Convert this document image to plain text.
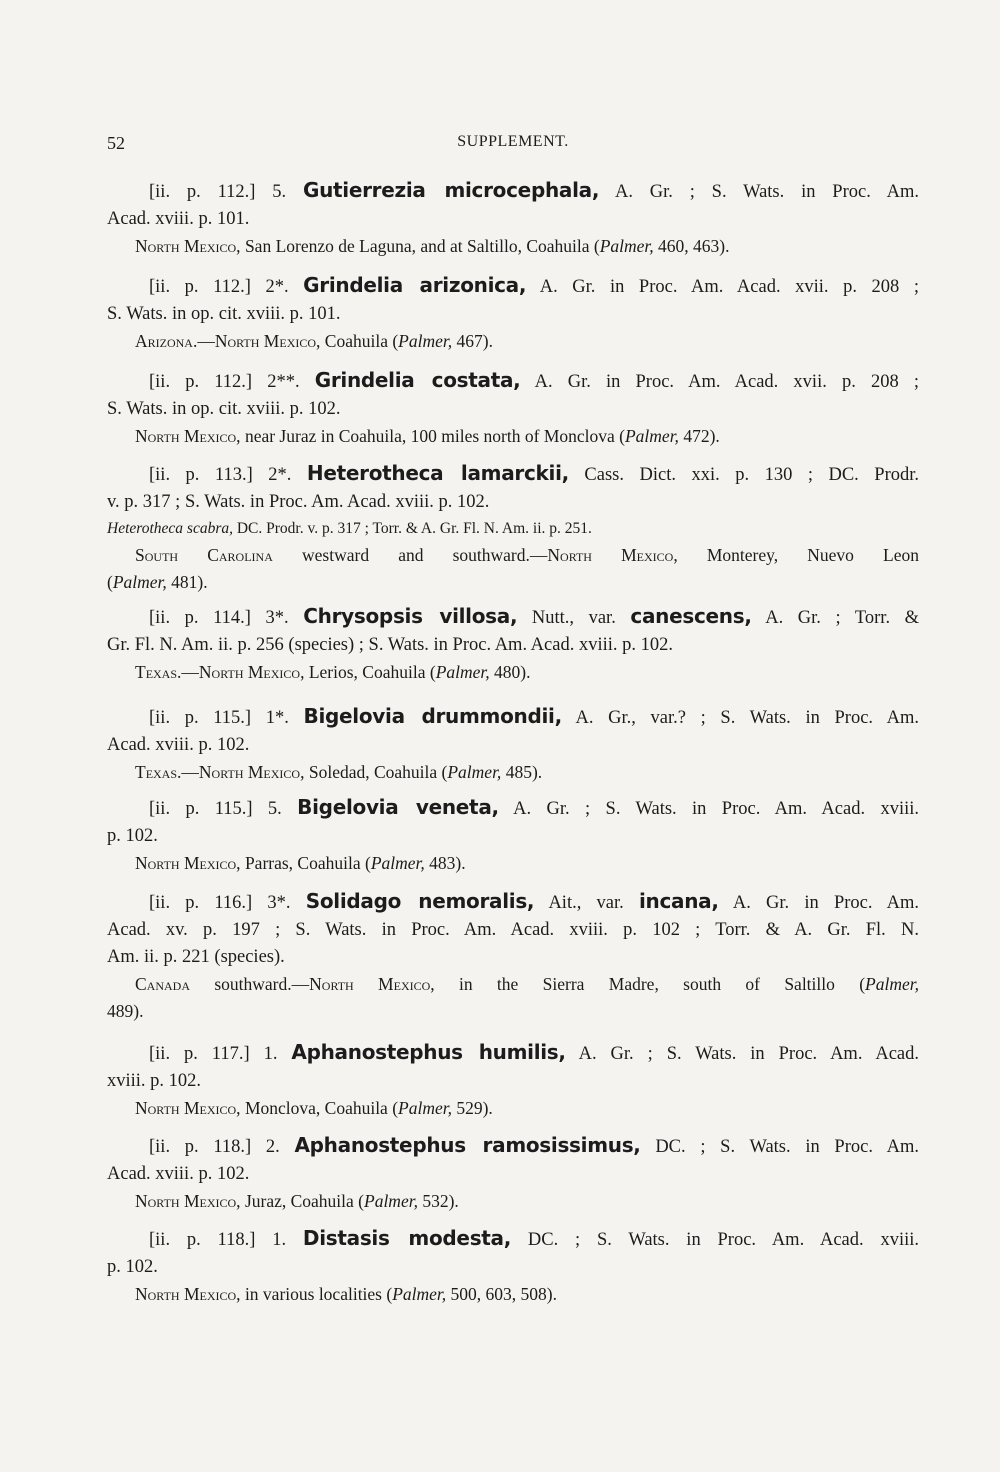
52	SUPPLEMENT.
[ii. p. 112.] 5. Gutierrezia microcephala, A. Gr. ; S. Wats. in Proc. Am.
Acad. xviii. p. 101.
North Mexico, San Lorenzo de Laguna, and at Saltillo, Coahuila (Palmer, 460, 463).
[ii. p. 112.] 2*. Grindelia arizonica, A. Gr. in Proc. Am. Acad. xvii. p. 208 ;
S. Wats. in op. cit. xviii. p. 101.
Arizona.—North Mexico, Coahuila (Palmer, 467).
[ii. p. 112.] 2**. Grindelia costata, A. Gr. in Proc. Am. Acad. xvii. p. 208 ;
S. Wats. in op. cit. xviii. p. 102.
North Mexico, near Juraz in Coahuila, 100 miles north of Monclova (Palmer, 472).
[ii. p. 113.] 2*. Heterotheca lamarckii, Cass. Dict. xxi. p. 130 ; DC. Prodr.
v. p. 317 ; S. Wats. in Proc. Am. Acad. xviii. p. 102.
Heterotheca scabra, DC. Prodr. v. p. 317 ; Torr. & A. Gr. Fl. N. Am. ii. p. 251.
South Carolina westward and southward.—North Mexico, Monterey, Nuevo Leon
(Palmer, 481).
[ii. p. 114.] 3*. Chrysopsis villosa, Nutt., var. canescens, A. Gr. ; Torr. &
Gr. Fl. N. Am. ii. p. 256 (species) ; S. Wats. in Proc. Am. Acad. xviii. p. 102.
Texas.—North Mexico, Lerios, Coahuila (Palmer, 480).
[ii. p. 115.] 1*. Bigelovia drummondii, A. Gr., var.? ; S. Wats. in Proc. Am.
Acad. xviii. p. 102.
Texas.—North Mexico, Soledad, Coahuila (Palmer, 485).
[ii. p. 115.] 5. Bigelovia veneta, A. Gr. ; S. Wats. in Proc. Am. Acad. xviii.
p. 102.
North Mexico, Parras, Coahuila (Palmer, 483).
[ii. p. 116.] 3*. Solidago nemoralis, Ait., var. incana, A. Gr. in Proc. Am.
Acad. xv. p. 197 ; S. Wats. in Proc. Am. Acad. xviii. p. 102 ; Torr. & A. Gr. Fl. N.
Am. ii. p. 221 (species).
Canada southward.—North Mexico, in the Sierra Madre, south of Saltillo (Palmer,
489).
[ii. p. 117.] 1. Aphanostephus humilis, A. Gr. ; S. Wats. in Proc. Am. Acad.
xviii. p. 102.
North Mexico, Monclova, Coahuila (Palmer, 529).
[ii. p. 118.] 2. Aphanostephus ramosissimus, DC. ; S. Wats. in Proc. Am.
Acad. xviii. p. 102.
North Mexico, Juraz, Coahuila (Palmer, 532).
[ii. p. 118.] 1. Distasis modesta, DC. ; S. Wats. in Proc. Am. Acad. xviii.
p. 102.
North Mexico, in various localities (Palmer, 500, 603, 508).
